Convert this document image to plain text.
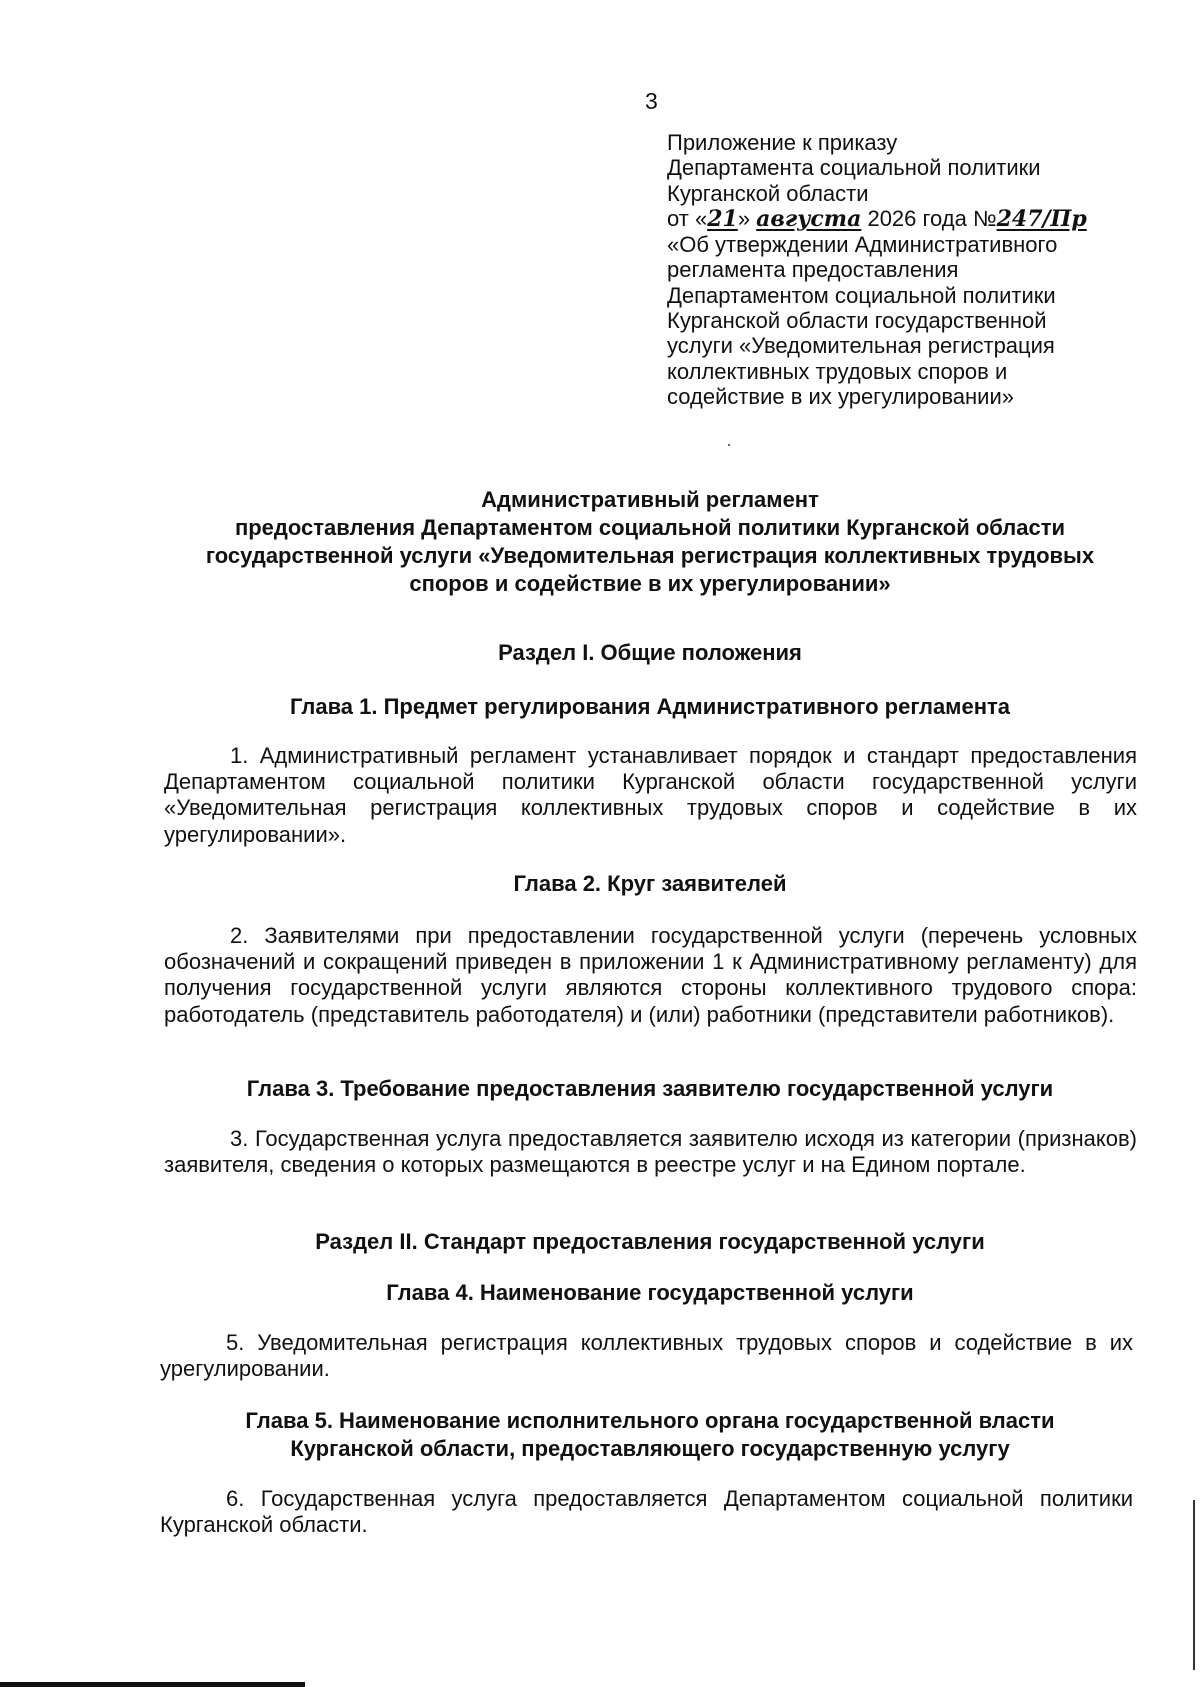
3
Приложение к приказу
Департамента социальной политики
Курганской области
от «21» августа 2026 года №247/Пр
«Об утверждении Административного
регламента предоставления
Департаментом социальной политики
Курганской области государственной
услуги «Уведомительная регистрация
коллективных трудовых споров и
содействие в их урегулировании»
Административный регламент
предоставления Департаментом социальной политики Курганской области
государственной услуги «Уведомительная регистрация коллективных трудовых
споров и содействие в их урегулировании»
Раздел I. Общие положения
Глава 1. Предмет регулирования Административного регламента
1. Административный регламент устанавливает порядок и стандарт предоставления Департаментом социальной политики Курганской области государственной услуги «Уведомительная регистрация коллективных трудовых споров и содействие в их урегулировании».
Глава 2. Круг заявителей
2. Заявителями при предоставлении государственной услуги (перечень условных обозначений и сокращений приведен в приложении 1 к Административному регламенту) для получения государственной услуги являются стороны коллективного трудового спора: работодатель (представитель работодателя) и (или) работники (представители работников).
Глава 3. Требование предоставления заявителю государственной услуги
3. Государственная услуга предоставляется заявителю исходя из категории (признаков) заявителя, сведения о которых размещаются в реестре услуг и на Едином портале.
Раздел II. Стандарт предоставления государственной услуги
Глава 4. Наименование государственной услуги
5. Уведомительная регистрация коллективных трудовых споров и содействие в их урегулировании.
Глава 5. Наименование исполнительного органа государственной власти
Курганской области, предоставляющего государственную услугу
6. Государственная услуга предоставляется Департаментом социальной политики Курганской области.
